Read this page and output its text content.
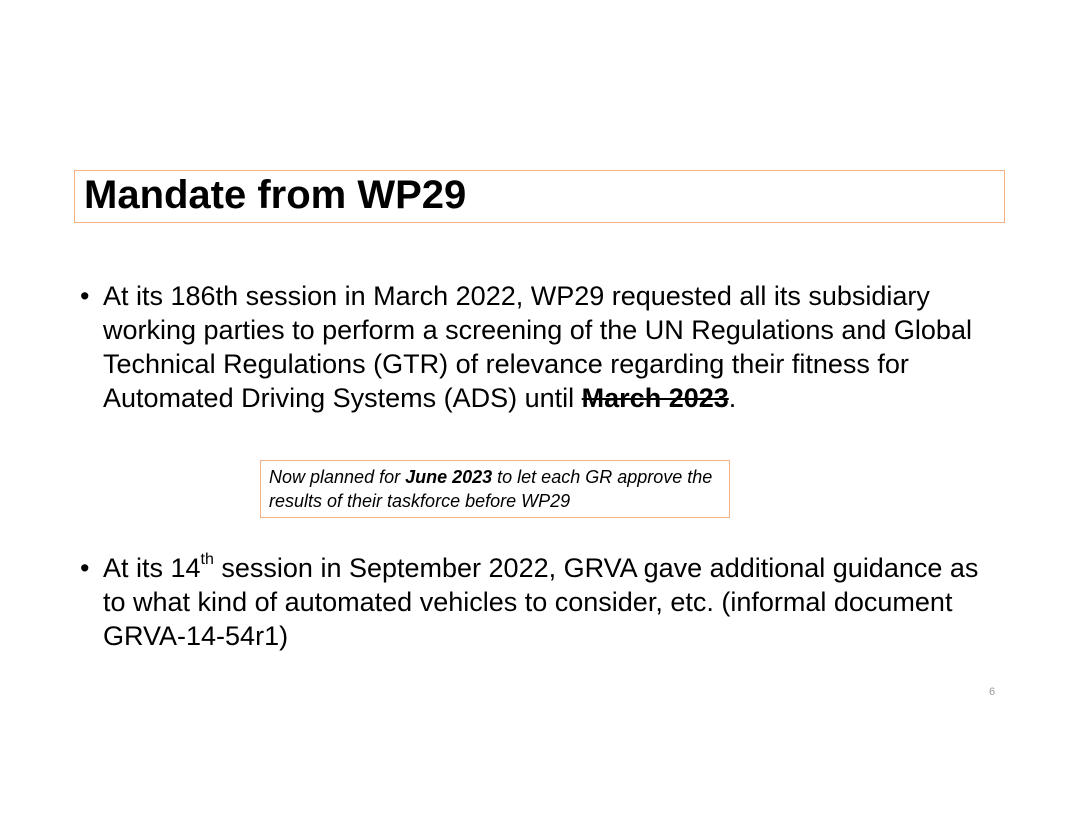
Mandate from WP29
• At its 186th session in March 2022, WP29 requested all its subsidiary working parties to perform a screening of the UN Regulations and Global Technical Regulations (GTR) of relevance regarding their fitness for Automated Driving Systems (ADS) until March 2023.
Now planned for June 2023 to let each GR approve the results of their taskforce before WP29
• At its 14th session in September 2022, GRVA gave additional guidance as to what kind of automated vehicles to consider, etc. (informal document GRVA-14-54r1)
6
